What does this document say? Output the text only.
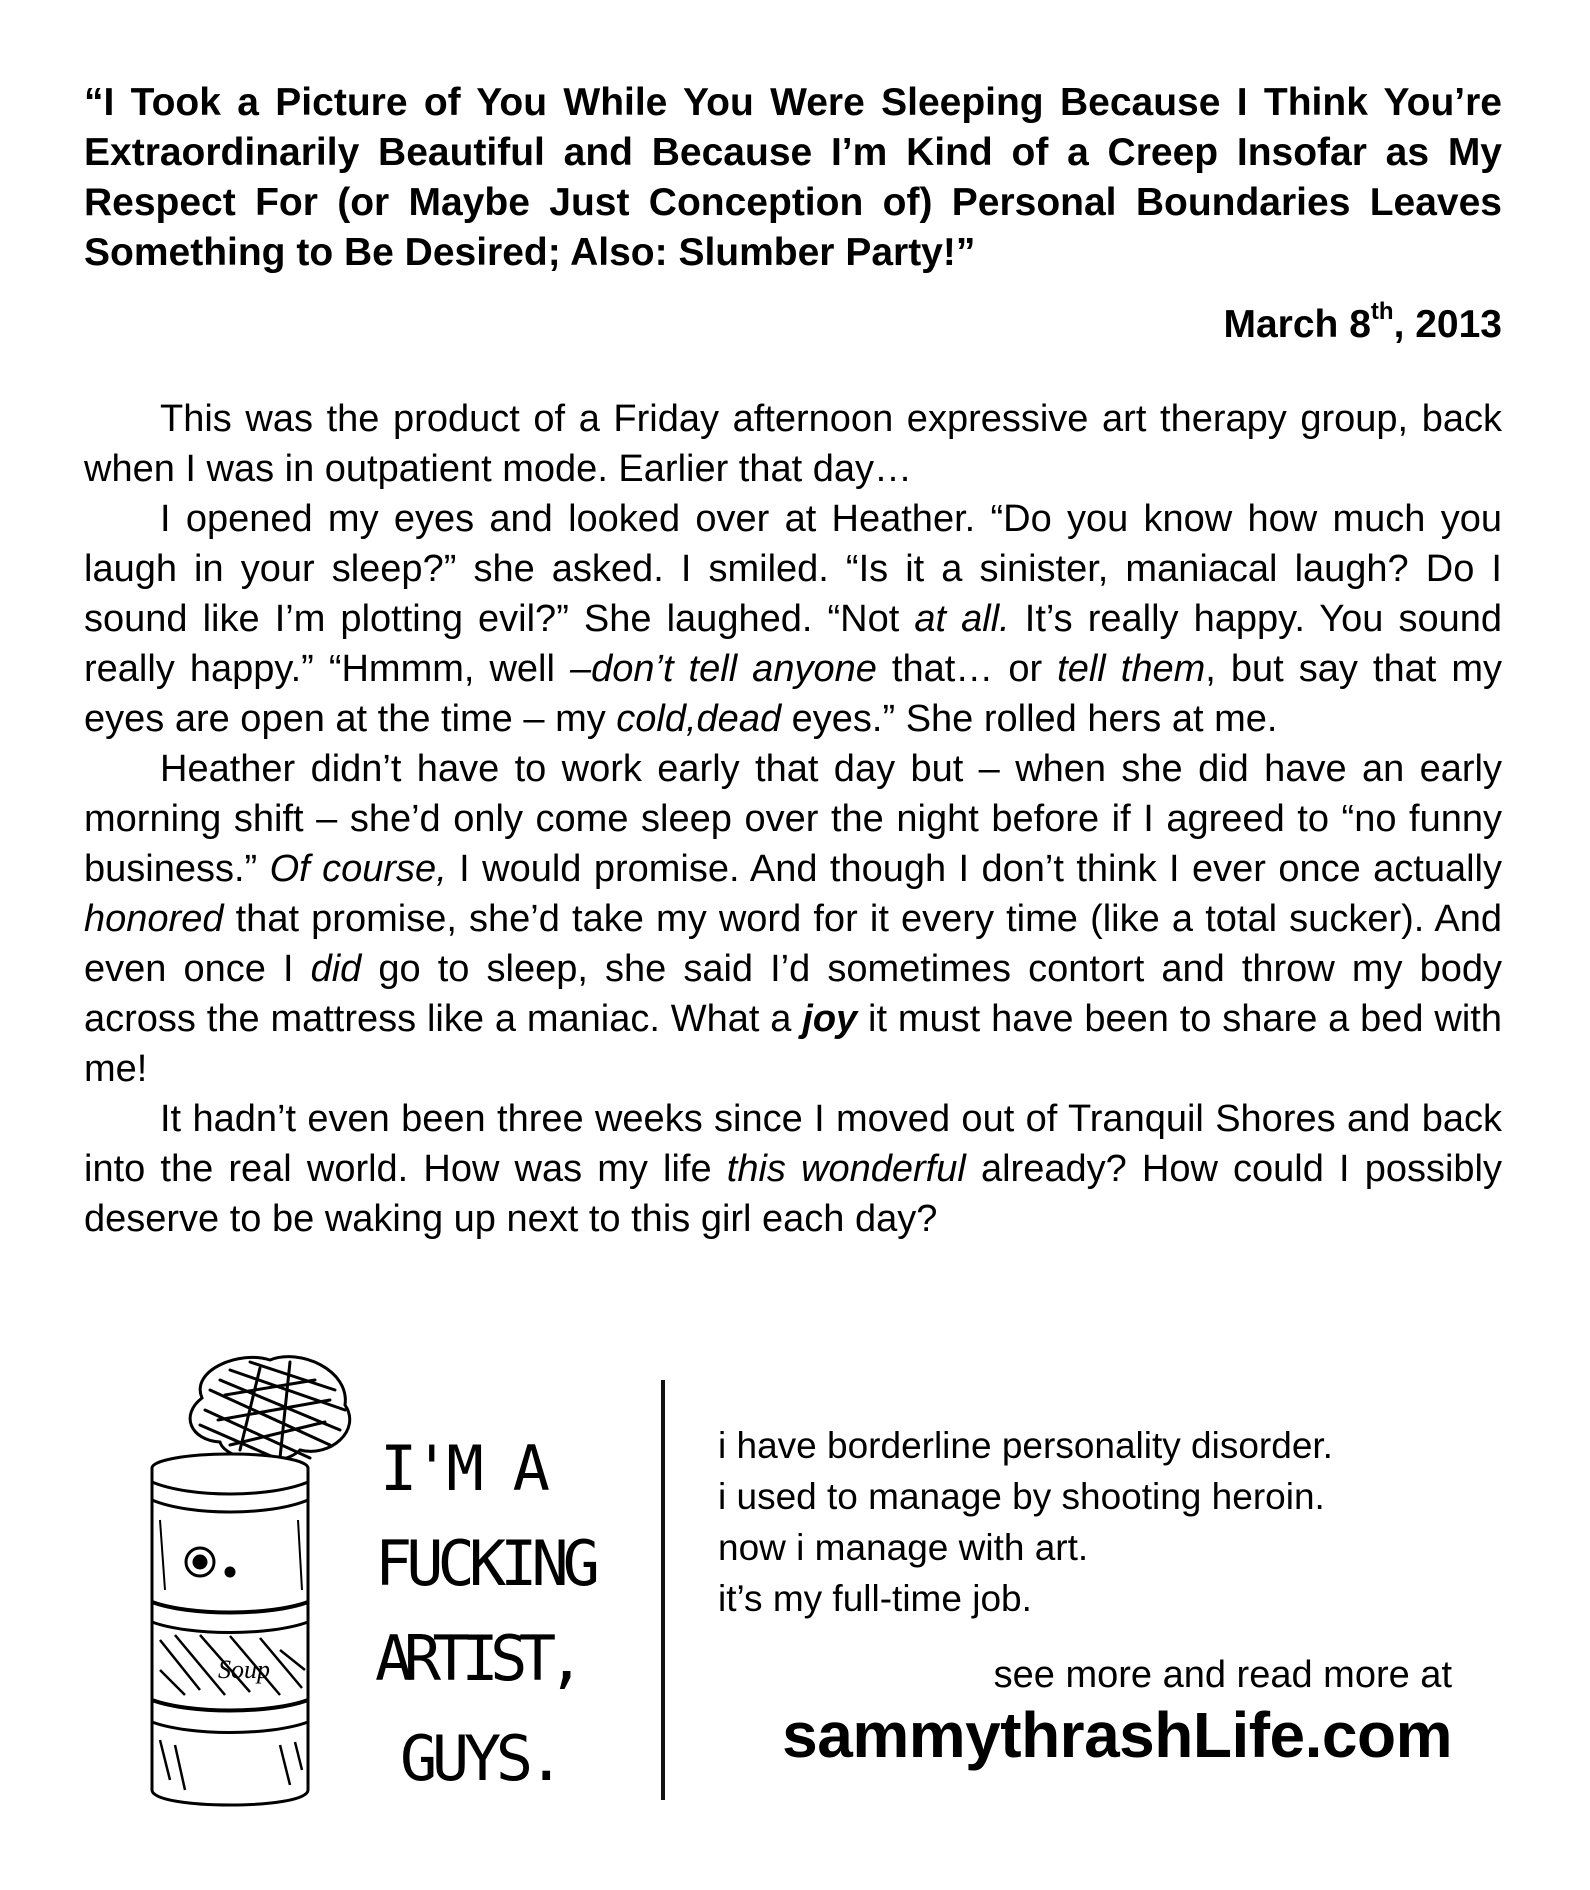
“I Took a Picture of You While You Were Sleeping Because I Think You’re Extraordinarily Beautiful and Because I’m Kind of a Creep Insofar as My Respect For (or Maybe Just Conception of) Personal Boundaries Leaves Something to Be Desired; Also: Slumber Party!”
March 8th, 2013

This was the product of a Friday afternoon expressive art therapy group, back when I was in outpatient mode. Earlier that day…

I opened my eyes and looked over at Heather. “Do you know how much you laugh in your sleep?” she asked. I smiled. “Is it a sinister, maniacal laugh? Do I sound like I’m plotting evil?” She laughed. “Not at all. It’s really happy. You sound really happy.” “Hmmm, well –don’t tell anyone that… or tell them, but say that my eyes are open at the time – my cold,dead eyes.” She rolled hers at me.

Heather didn’t have to work early that day but – when she did have an early morning shift – she’d only come sleep over the night before if I agreed to “no funny business.” Of course, I would promise. And though I don’t think I ever once actually honored that promise, she’d take my word for it every time (like a total sucker). And even once I did go to sleep, she said I’d sometimes contort and throw my body across the mattress like a maniac. What a joy it must have been to share a bed with me!

It hadn’t even been three weeks since I moved out of Tranquil Shores and back into the real world. How was my life this wonderful already? How could I possibly deserve to be waking up next to this girl each day?

Soup
I'M A
FUCKING
ARTIST,
GUYS.
i have borderline personality disorder.
i used to manage by shooting heroin.
now i manage with art.
it’s my full-time job.
see more and read more at
sammythrashLife.com
